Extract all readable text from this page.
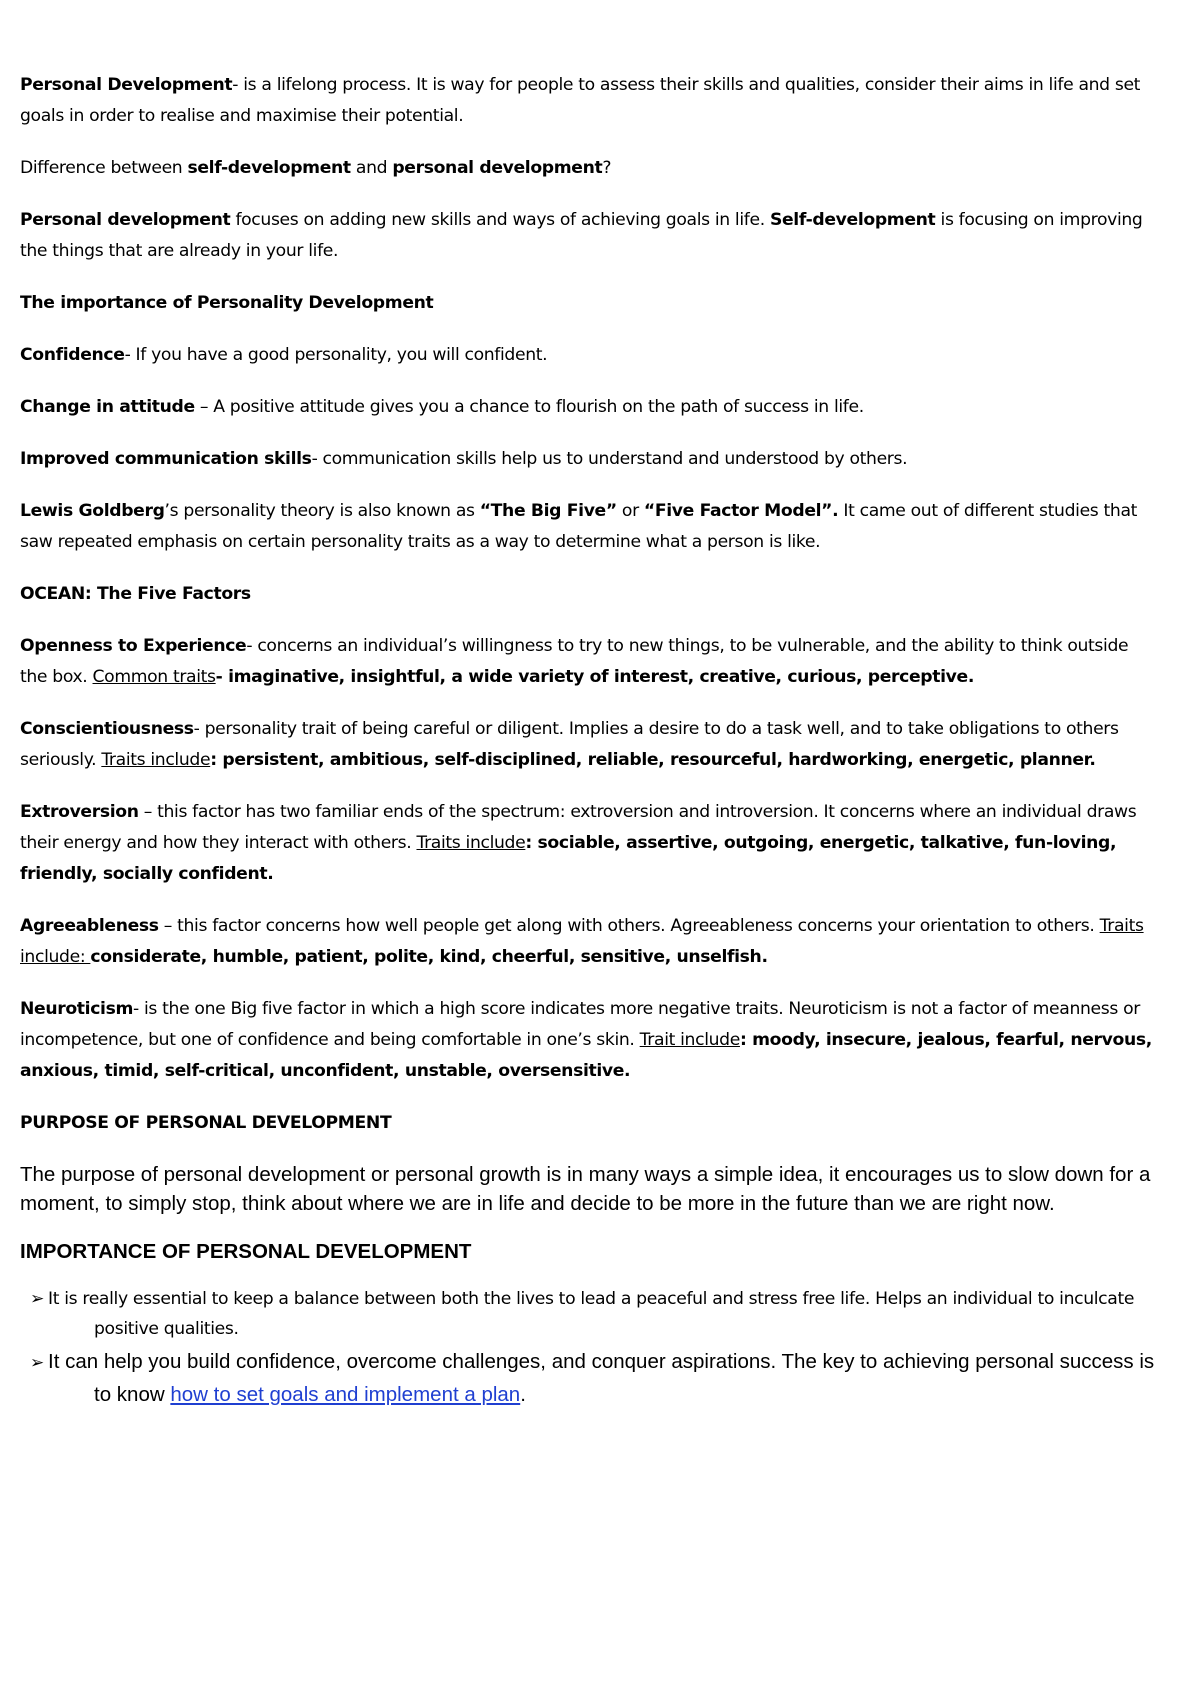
Personal Development- is a lifelong process. It is way for people to assess their skills and qualities, consider their aims in life and set goals in order to realise and maximise their potential.

Difference between self-development and personal development?

Personal development focuses on adding new skills and ways of achieving goals in life. Self-development is focusing on improving the things that are already in your life.

The importance of Personality Development

Confidence- If you have a good personality, you will confident.

Change in attitude – A positive attitude gives you a chance to flourish on the path of success in life.

Improved communication skills- communication skills help us to understand and understood by others.

Lewis Goldberg’s personality theory is also known as “The Big Five” or “Five Factor Model”. It came out of different studies that saw repeated emphasis on certain personality traits as a way to determine what a person is like.

OCEAN: The Five Factors

Openness to Experience- concerns an individual’s willingness to try to new things, to be vulnerable, and the ability to think outside the box. Common traits- imaginative, insightful, a wide variety of interest, creative, curious, perceptive.

Conscientiousness- personality trait of being careful or diligent. Implies a desire to do a task well, and to take obligations to others seriously. Traits include: persistent, ambitious, self-disciplined, reliable, resourceful, hardworking, energetic, planner.

Extroversion – this factor has two familiar ends of the spectrum: extroversion and introversion. It concerns where an individual draws their energy and how they interact with others. Traits include: sociable, assertive, outgoing, energetic, talkative, fun-loving, friendly, socially confident.

Agreeableness – this factor concerns how well people get along with others. Agreeableness concerns your orientation to others. Traits include: considerate, humble, patient, polite, kind, cheerful, sensitive, unselfish.

Neuroticism- is the one Big five factor in which a high score indicates more negative traits. Neuroticism is not a factor of meanness or incompetence, but one of confidence and being comfortable in one’s skin. Trait include: moody, insecure, jealous, fearful, nervous, anxious, timid, self-critical, unconfident, unstable, oversensitive.

PURPOSE OF PERSONAL DEVELOPMENT

The purpose of personal development or personal growth is in many ways a simple idea, it encourages us to slow down for a moment, to simply stop, think about where we are in life and decide to be more in the future than we are right now.

IMPORTANCE OF PERSONAL DEVELOPMENT

➢ It is really essential to keep a balance between both the lives to lead a peaceful and stress free life. Helps an individual to inculcate positive qualities.
➢ It can help you build confidence, overcome challenges, and conquer aspirations. The key to achieving personal success is to know how to set goals and implement a plan.
